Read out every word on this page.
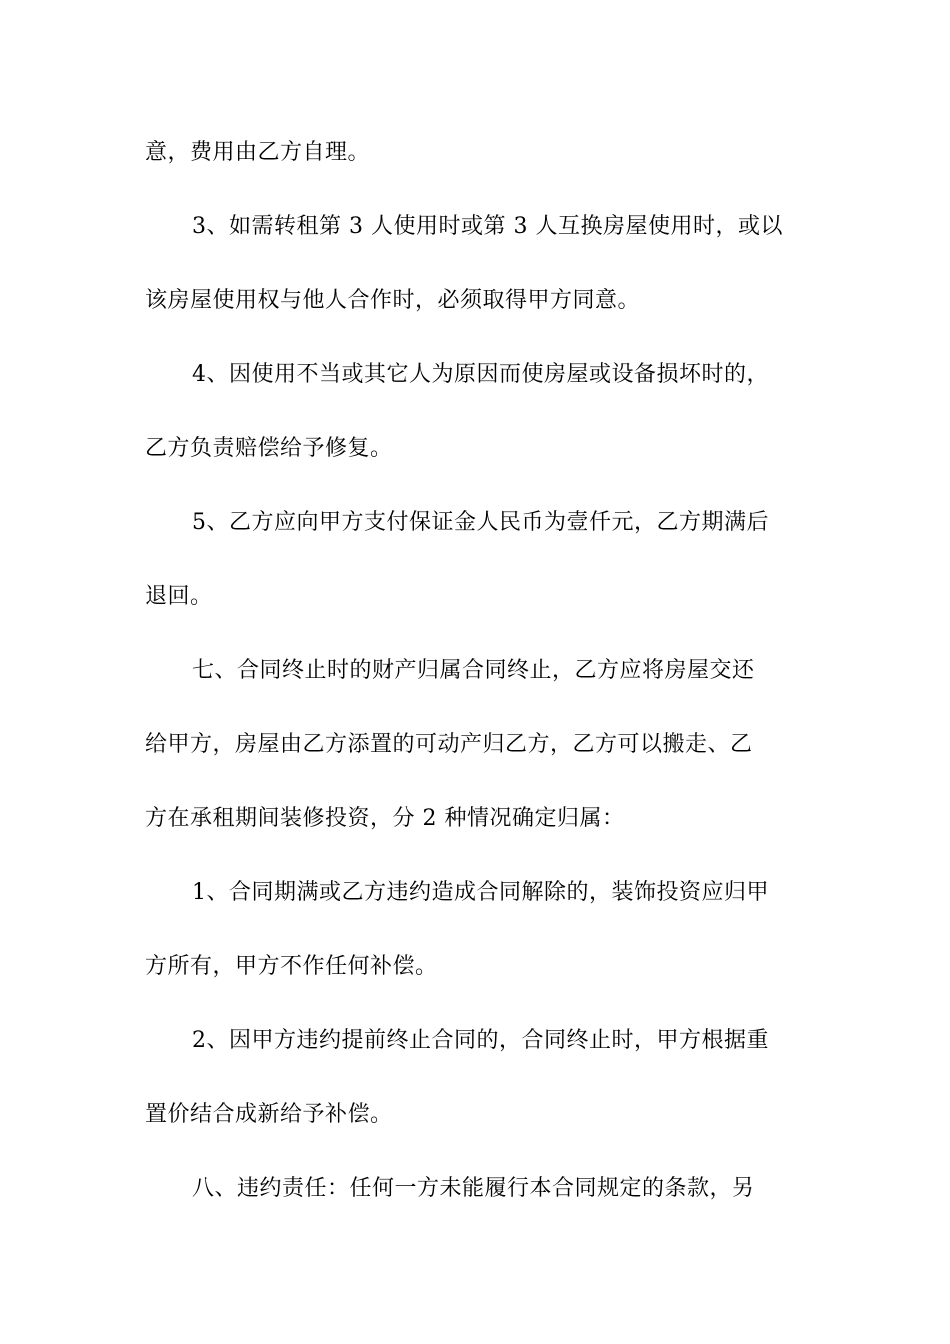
意，费用由乙方自理。
3、如需转租第 3 人使用时或第 3 人互换房屋使用时，或以
该房屋使用权与他人合作时，必须取得甲方同意。
4、因使用不当或其它人为原因而使房屋或设备损坏时的，
乙方负责赔偿给予修复。
5、乙方应向甲方支付保证金人民币为壹仟元，乙方期满后
退回。
七、合同终止时的财产归属合同终止，乙方应将房屋交还
给甲方，房屋由乙方添置的可动产归乙方，乙方可以搬走、乙
方在承租期间装修投资，分 2 种情况确定归属：
1、合同期满或乙方违约造成合同解除的，装饰投资应归甲
方所有，甲方不作任何补偿。
2、因甲方违约提前终止合同的，合同终止时，甲方根据重
置价结合成新给予补偿。
八、违约责任：任何一方未能履行本合同规定的条款，另
